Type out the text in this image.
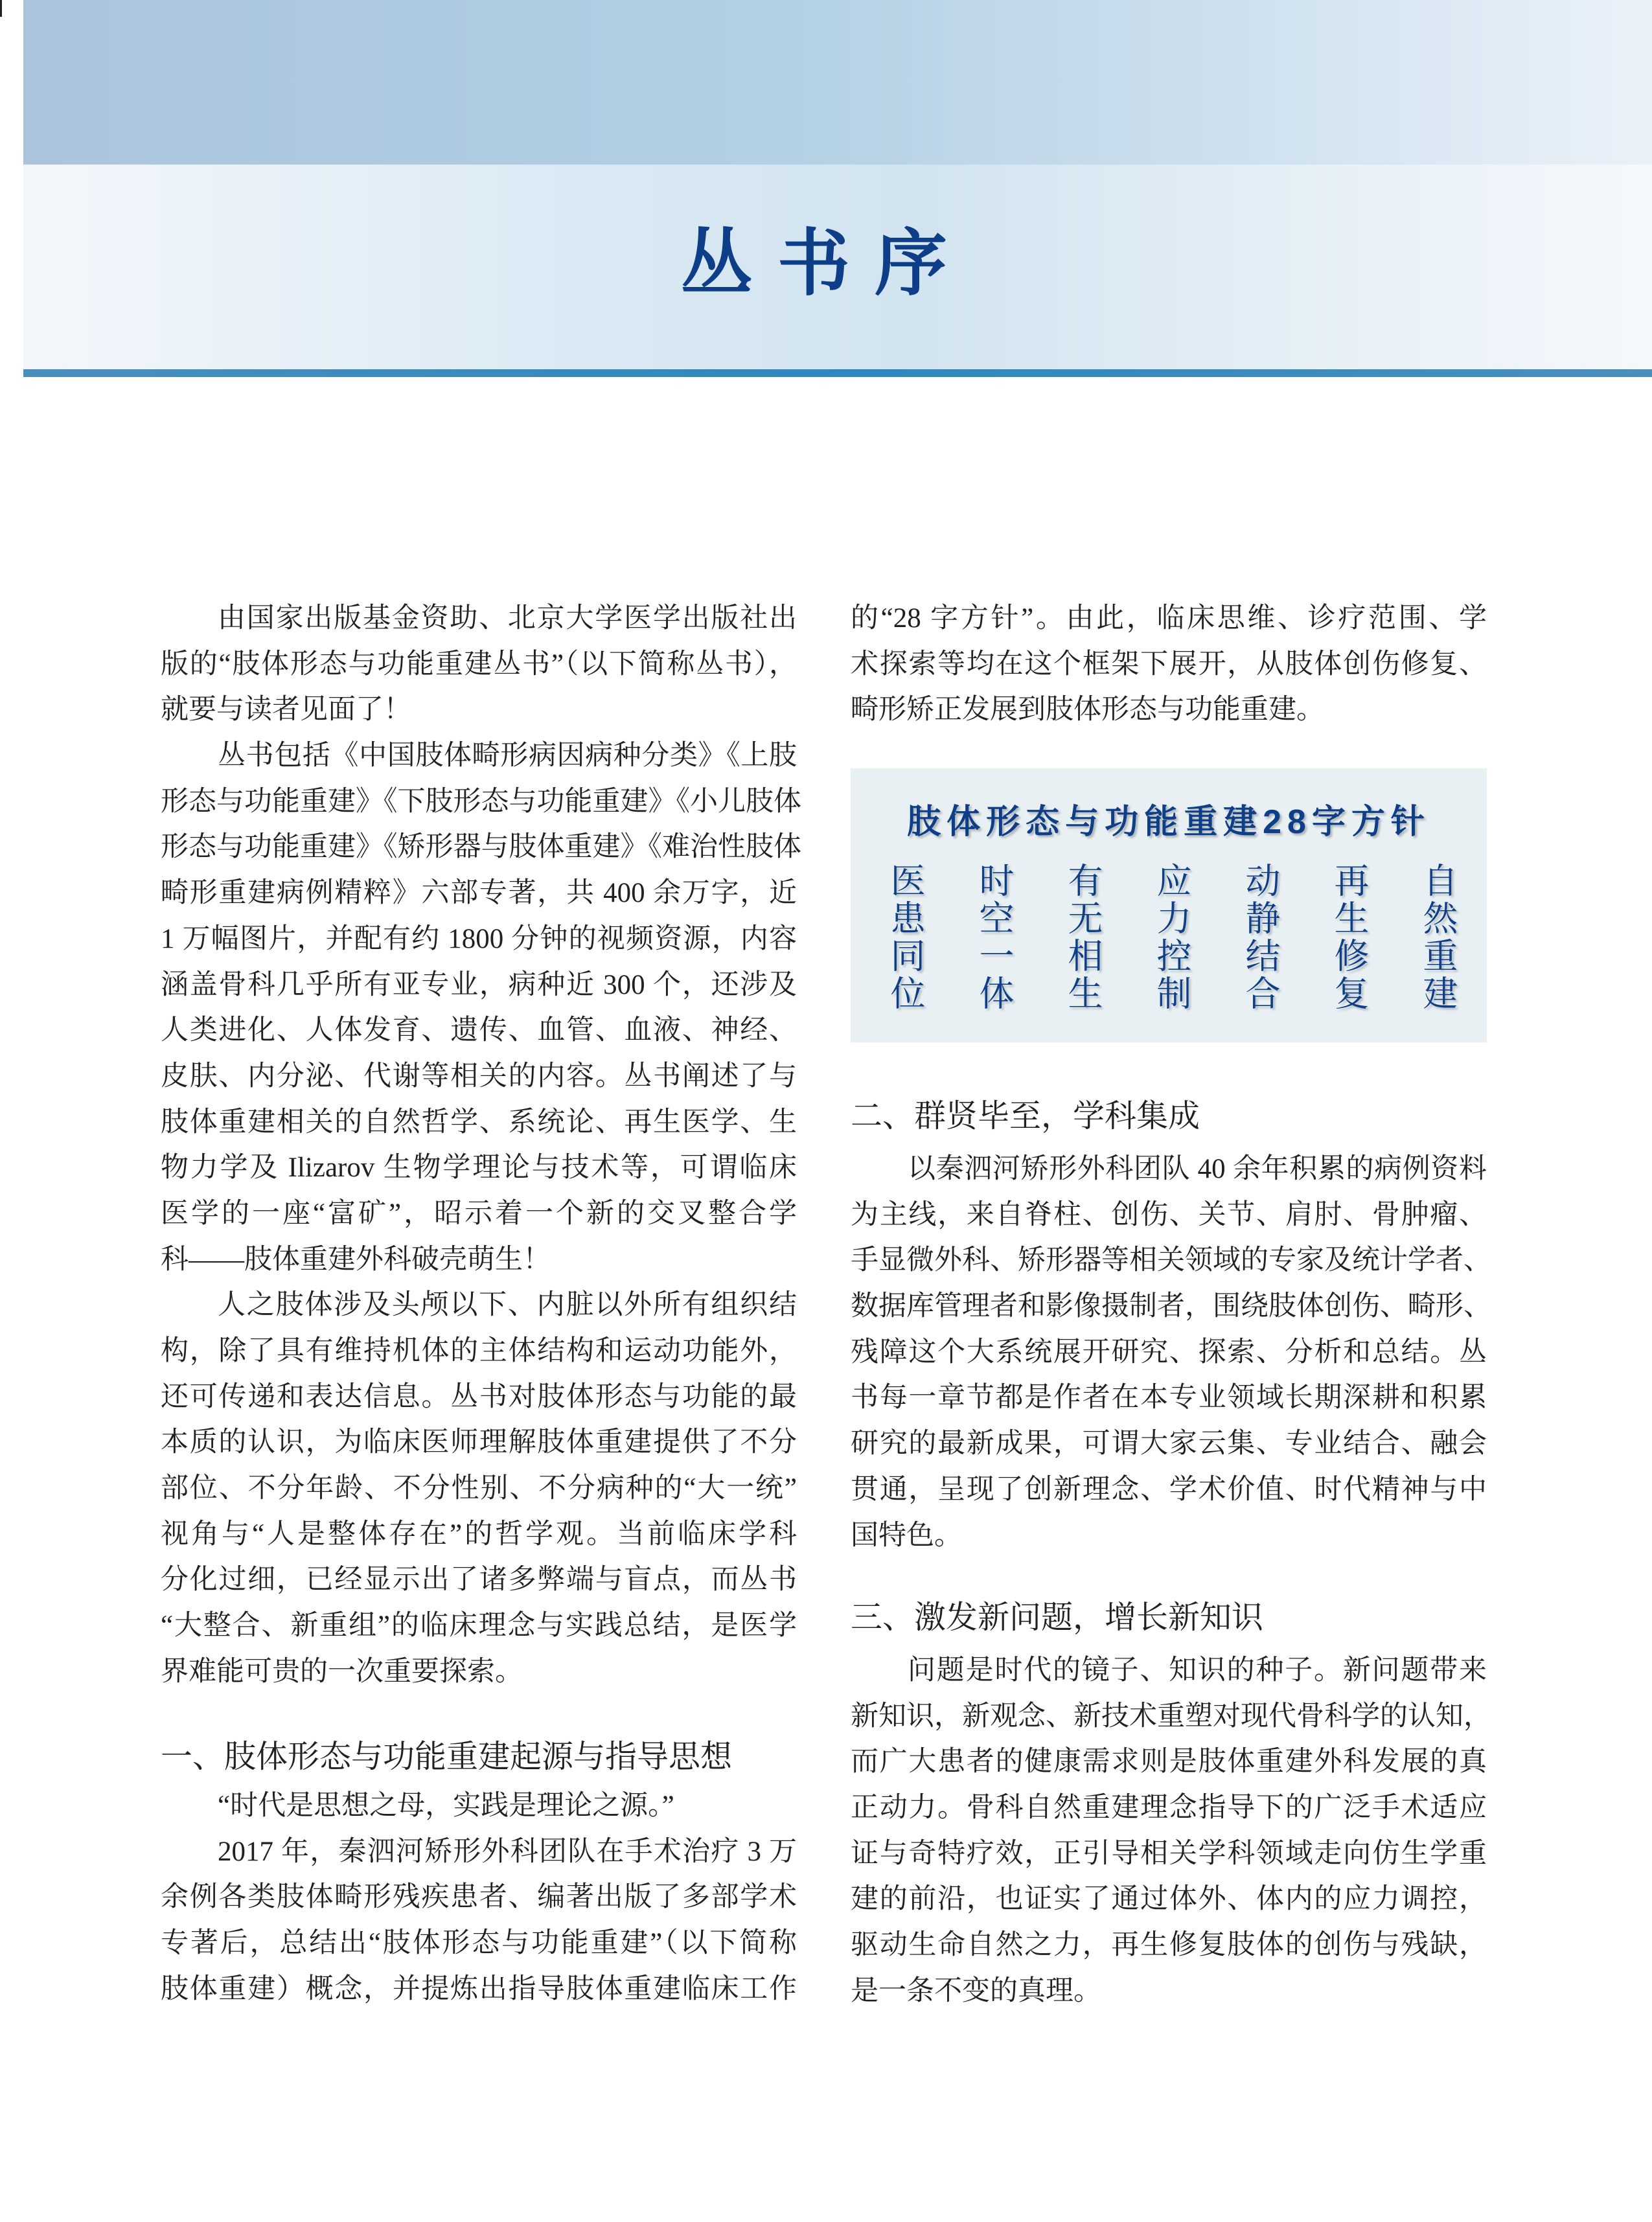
丛书序
由国家出版基金资助、北京大学医学出版社出
版的“肢体形态与功能重建丛书”（以下简称丛书），
就要与读者见面了！
丛书包括《中国肢体畸形病因病种分类》《上肢
形态与功能重建》《下肢形态与功能重建》《小儿肢体
形态与功能重建》《矫形器与肢体重建》《难治性肢体
畸形重建病例精粹》六部专著，共 400 余万字，近
1 万幅图片，并配有约 1800 分钟的视频资源，内容
涵盖骨科几乎所有亚专业，病种近 300 个，还涉及
人类进化、人体发育、遗传、血管、血液、神经、
皮肤、内分泌、代谢等相关的内容。丛书阐述了与
肢体重建相关的自然哲学、系统论、再生医学、生
物力学及 Ilizarov 生物学理论与技术等，可谓临床
医学的一座“富矿”，昭示着一个新的交叉整合学
科——肢体重建外科破壳萌生！
人之肢体涉及头颅以下、内脏以外所有组织结
构，除了具有维持机体的主体结构和运动功能外，
还可传递和表达信息。丛书对肢体形态与功能的最
本质的认识，为临床医师理解肢体重建提供了不分
部位、不分年龄、不分性别、不分病种的“大一统”
视角与“人是整体存在”的哲学观。当前临床学科
分化过细，已经显示出了诸多弊端与盲点，而丛书
“大整合、新重组”的临床理念与实践总结，是医学
界难能可贵的一次重要探索。
一、肢体形态与功能重建起源与指导思想
“时代是思想之母，实践是理论之源。”
2017 年，秦泗河矫形外科团队在手术治疗 3 万
余例各类肢体畸形残疾患者、编著出版了多部学术
专著后，总结出“肢体形态与功能重建”（以下简称
肢体重建）概念，并提炼出指导肢体重建临床工作
的“28 字方针”。由此，临床思维、诊疗范围、学
术探索等均在这个框架下展开，从肢体创伤修复、
畸形矫正发展到肢体形态与功能重建。
肢体形态与功能重建28字方针
医患同位 时空一体 有无相生 应力控制 动静结合 再生修复 自然重建
二、群贤毕至，学科集成
以秦泗河矫形外科团队 40 余年积累的病例资料
为主线，来自脊柱、创伤、关节、肩肘、骨肿瘤、
手显微外科、矫形器等相关领域的专家及统计学者、
数据库管理者和影像摄制者，围绕肢体创伤、畸形、
残障这个大系统展开研究、探索、分析和总结。丛
书每一章节都是作者在本专业领域长期深耕和积累
研究的最新成果，可谓大家云集、专业结合、融会
贯通，呈现了创新理念、学术价值、时代精神与中
国特色。
三、激发新问题，增长新知识
问题是时代的镜子、知识的种子。新问题带来
新知识，新观念、新技术重塑对现代骨科学的认知，
而广大患者的健康需求则是肢体重建外科发展的真
正动力。骨科自然重建理念指导下的广泛手术适应
证与奇特疗效，正引导相关学科领域走向仿生学重
建的前沿，也证实了通过体外、体内的应力调控，
驱动生命自然之力，再生修复肢体的创伤与残缺，
是一条不变的真理。
